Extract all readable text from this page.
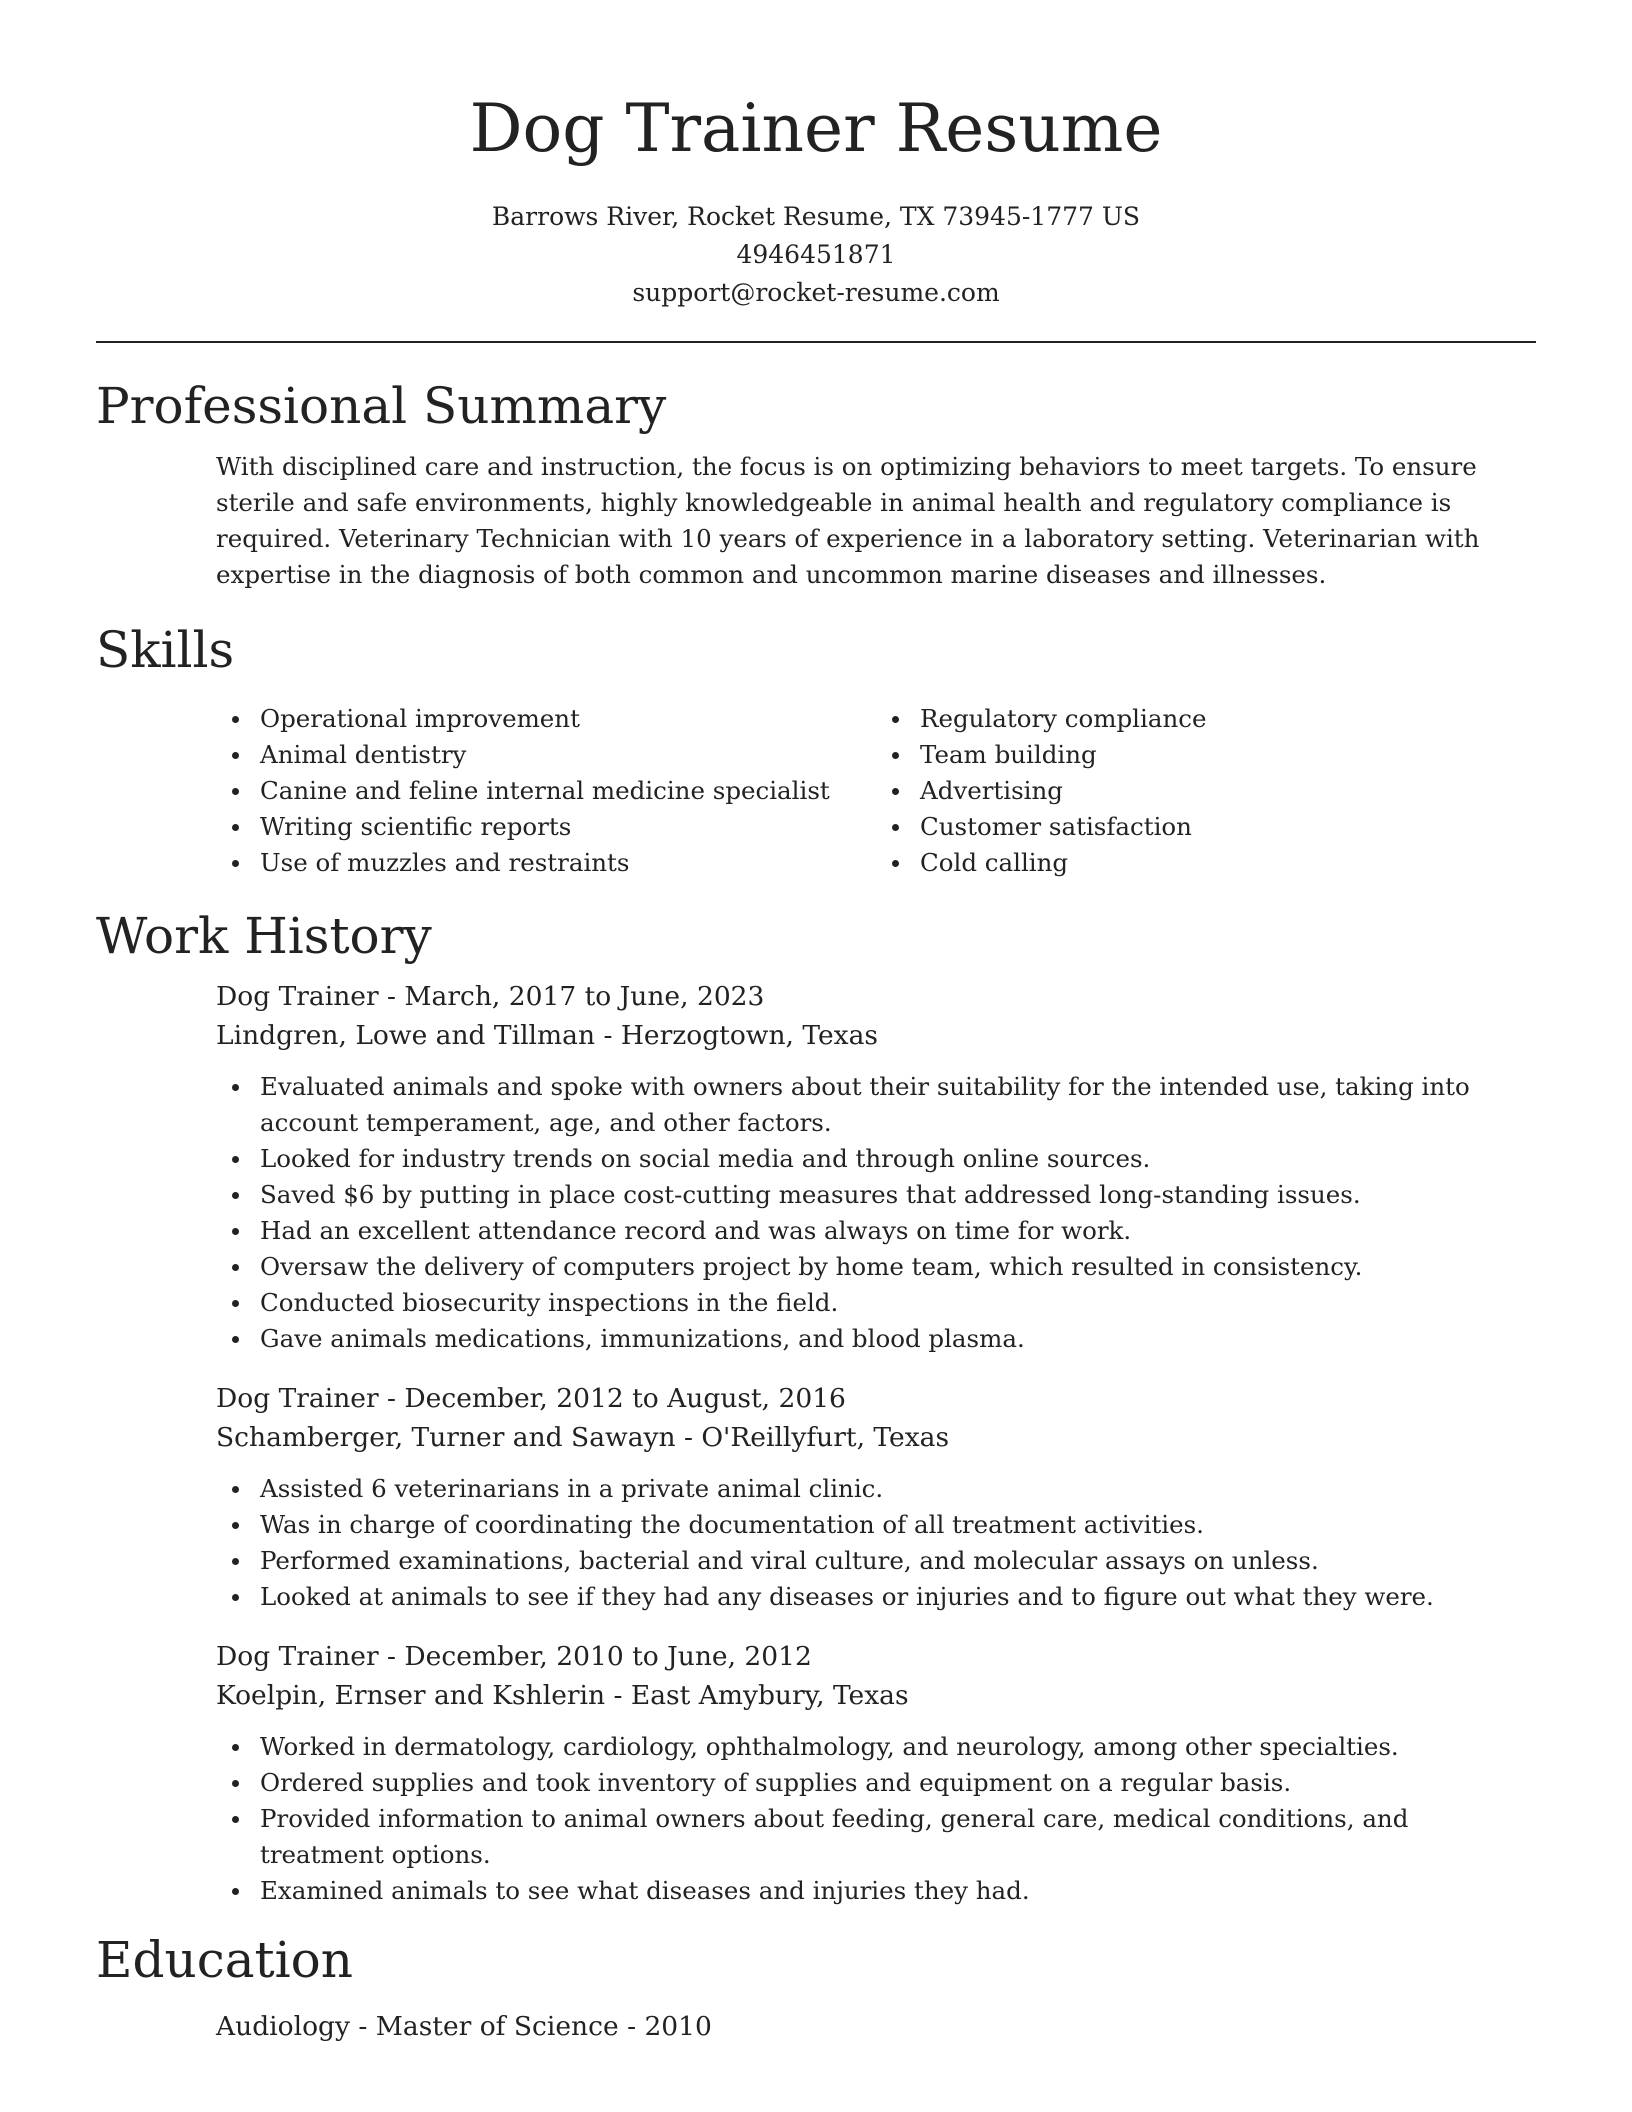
Dog Trainer Resume
Barrows River, Rocket Resume, TX 73945-1777 US
4946451871
support@rocket-resume.com
Professional Summary

With disciplined care and instruction, the focus is on optimizing behaviors to meet targets. To ensure sterile and safe environments, highly knowledgeable in animal health and regulatory compliance is required. Veterinary Technician with 10 years of experience in a laboratory setting. Veterinarian with expertise in the diagnosis of both common and uncommon marine diseases and illnesses.

Skills
Operational improvement
Animal dentistry
Canine and feline internal medicine specialist
Writing scientific reports
Use of muzzles and restraints
Regulatory compliance
Team building
Advertising
Customer satisfaction
Cold calling
Work History
Dog Trainer - March, 2017 to June, 2023
Lindgren, Lowe and Tillman - Herzogtown, Texas
Evaluated animals and spoke with owners about their suitability for the intended use, taking into account temperament, age, and other factors.
Looked for industry trends on social media and through online sources.
Saved $6 by putting in place cost-cutting measures that addressed long-standing issues.
Had an excellent attendance record and was always on time for work.
Oversaw the delivery of computers project by home team, which resulted in consistency.
Conducted biosecurity inspections in the field.
Gave animals medications, immunizations, and blood plasma.
Dog Trainer - December, 2012 to August, 2016
Schamberger, Turner and Sawayn - O'Reillyfurt, Texas
Assisted 6 veterinarians in a private animal clinic.
Was in charge of coordinating the documentation of all treatment activities.
Performed examinations, bacterial and viral culture, and molecular assays on unless.
Looked at animals to see if they had any diseases or injuries and to figure out what they were.
Dog Trainer - December, 2010 to June, 2012
Koelpin, Ernser and Kshlerin - East Amybury, Texas
Worked in dermatology, cardiology, ophthalmology, and neurology, among other specialties.
Ordered supplies and took inventory of supplies and equipment on a regular basis.
Provided information to animal owners about feeding, general care, medical conditions, and treatment options.
Examined animals to see what diseases and injuries they had.
Education
Audiology - Master of Science - 2010
